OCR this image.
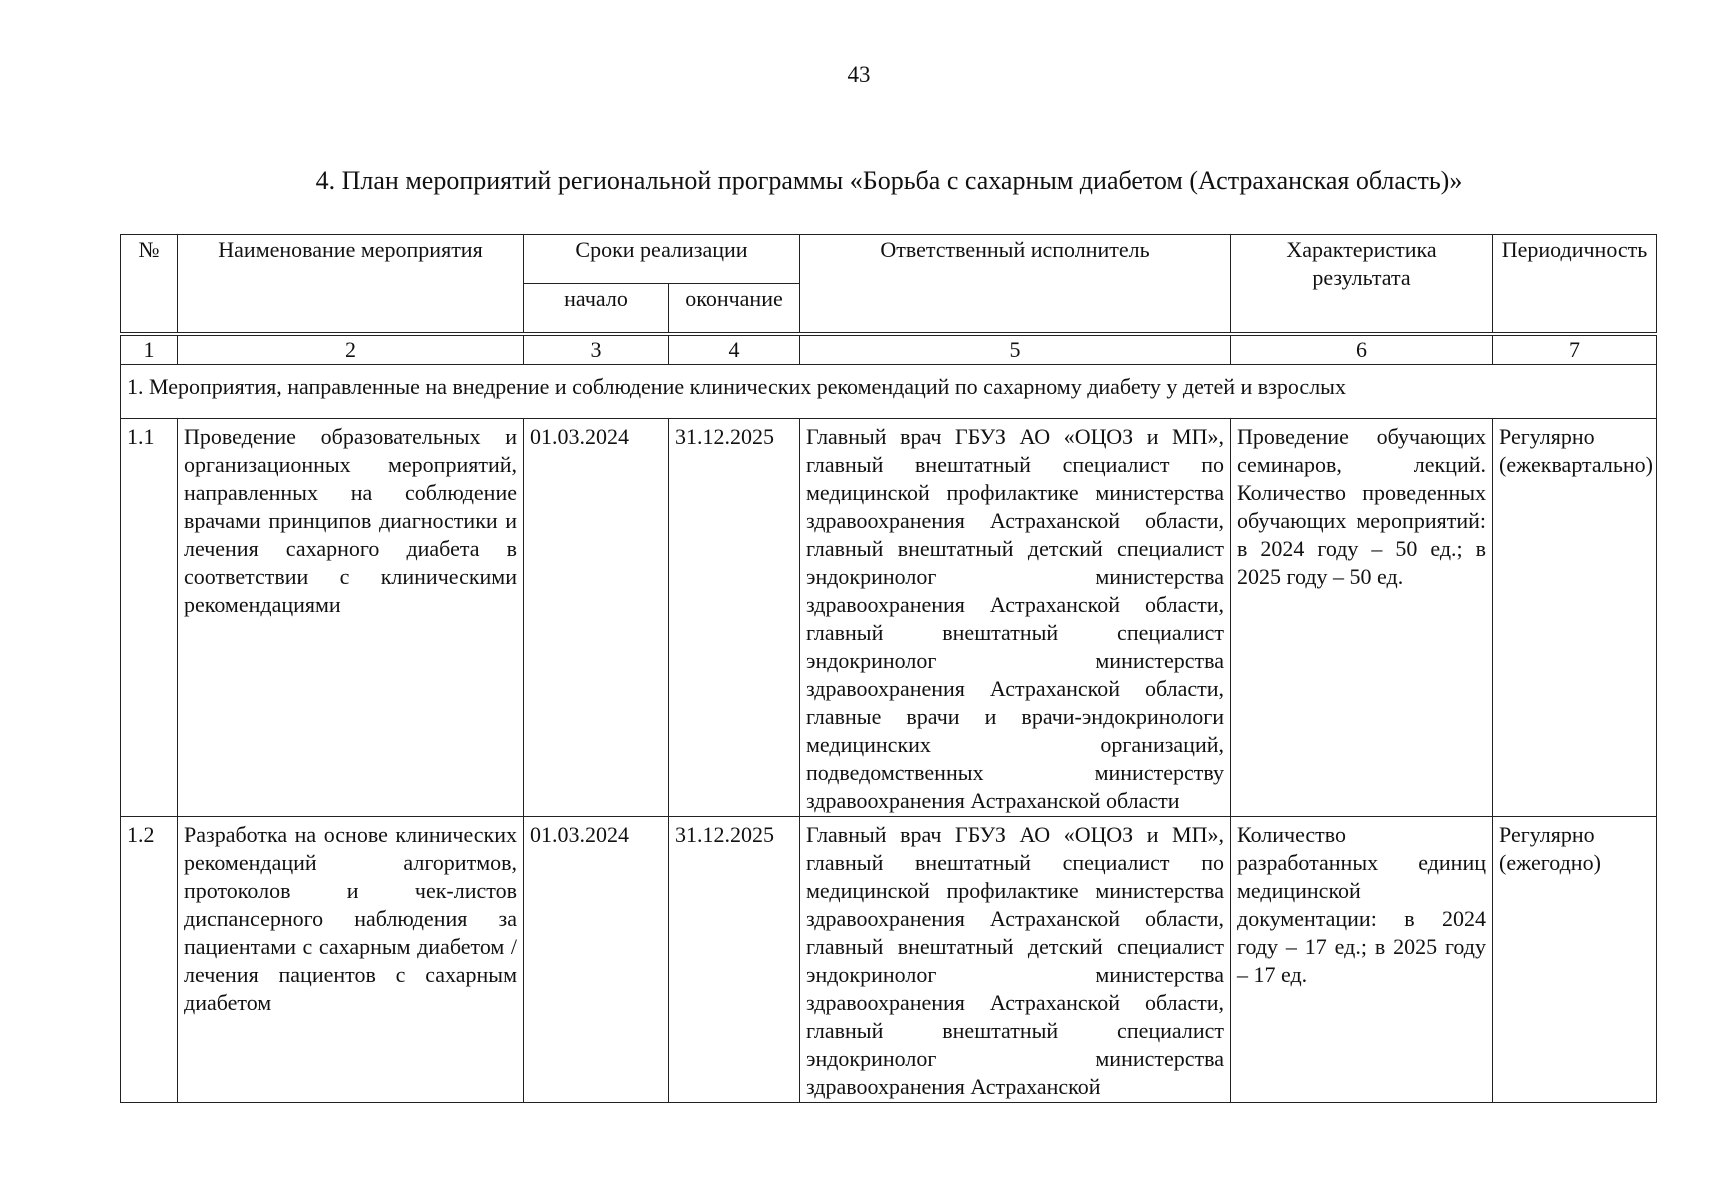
43
4. План мероприятий региональной программы «Борьба с сахарным диабетом (Астраханская область)»
№	Наименование мероприятия	Сроки реализации		Ответственный исполнитель	Характеристика результата	Периодичность
		начало	окончание			
1	2	3	4	5	6	7
1. Мероприятия, направленные на внедрение и соблюдение клинических рекомендаций по сахарному диабету у детей и взрослых						
1.1	Проведение образовательных и организационных мероприятий, направленных на соблюдение врачами принципов диагностики и лечения сахарного диабета в соответствии с клиническими рекомендациями	01.03.2024	31.12.2025	Главный врач ГБУЗ АО «ОЦОЗ и МП», главный внештатный специалист по медицинской профилактике министерства здравоохранения Астраханской области, главный внештатный детский специалист эндокринолог министерства здравоохранения Астраханской области, главный внештатный специалист эндокринолог министерства здравоохранения Астраханской области, главные врачи и врачи-эндокринологи медицинских организаций, подведомственных министерству здравоохранения Астраханской области	Проведение обучающих семинаров, лекций. Количество проведенных обучающих мероприятий: в 2024 году – 50 ед.; в 2025 году – 50 ед.	Регулярно (ежеквартально)
1.2	Разработка на основе клинических рекомендаций алгоритмов, протоколов и чек-листов диспансерного наблюдения за пациентами с сахарным диабетом / лечения пациентов с сахарным диабетом	01.03.2024	31.12.2025	Главный врач ГБУЗ АО «ОЦОЗ и МП», главный внештатный специалист по медицинской профилактике министерства здравоохранения Астраханской области, главный внештатный детский специалист эндокринолог министерства здравоохранения Астраханской области, главный внештатный специалист эндокринолог министерства здравоохранения Астраханской	Количество разработанных единиц медицинской документации: в 2024 году – 17 ед.; в 2025 году – 17 ед.	Регулярно (ежегодно)
